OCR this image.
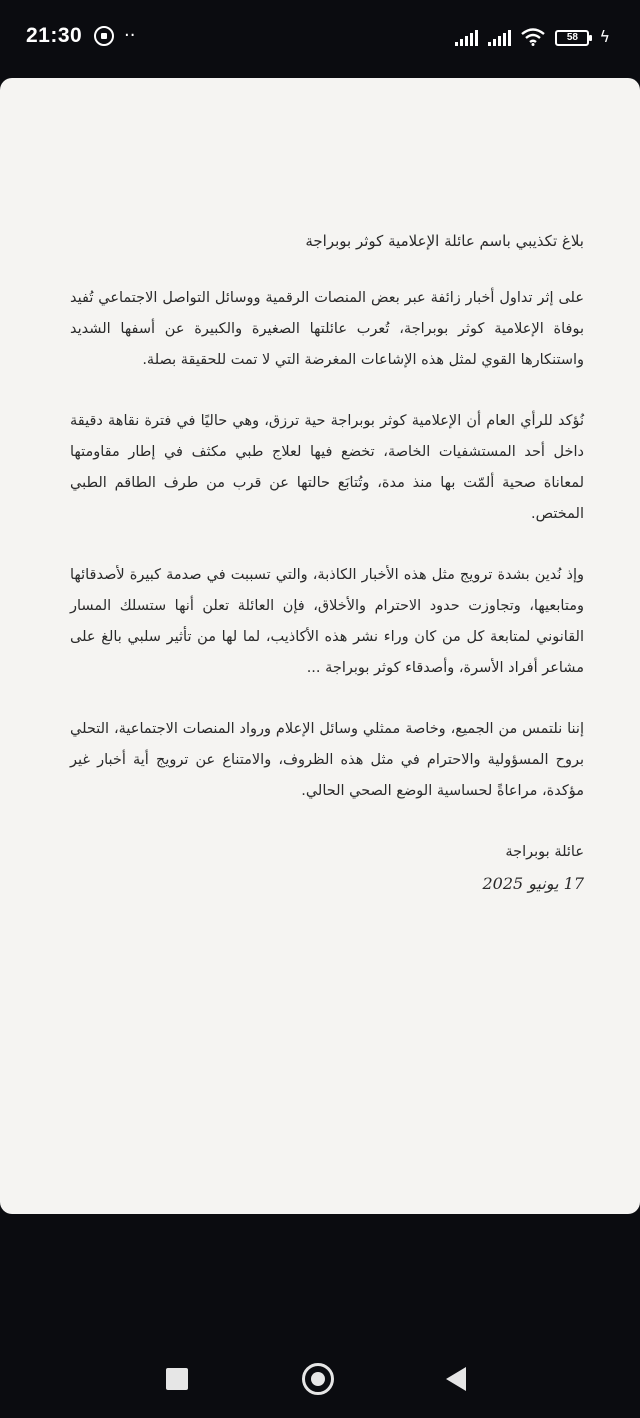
21:30 ··	58	ϟ

بلاغ تكذيبي باسم عائلة الإعلامية كوثر بوبراجة

على إثر تداول أخبار زائفة عبر بعض المنصات الرقمية ووسائل التواصل الاجتماعي تُفيد بوفاة الإعلامية كوثر بوبراجة، تُعرب عائلتها الصغيرة والكبيرة عن أسفها الشديد واستنكارها القوي لمثل هذه الإشاعات المغرضة التي لا تمت للحقيقة بصلة.

نُؤكد للرأي العام أن الإعلامية كوثر بوبراجة حية ترزق، وهي حاليًا في فترة نقاهة دقيقة داخل أحد المستشفيات الخاصة، تخضع فيها لعلاج طبي مكثف في إطار مقاومتها لمعاناة صحية ألمّت بها منذ مدة، وتُتابَع حالتها عن قرب من طرف الطاقم الطبي المختص.

وإذ نُدين بشدة ترويج مثل هذه الأخبار الكاذبة، والتي تسببت في صدمة كبيرة لأصدقائها ومتابعيها، وتجاوزت حدود الاحترام والأخلاق، فإن العائلة تعلن أنها ستسلك المسار القانوني لمتابعة كل من كان وراء نشر هذه الأكاذيب، لما لها من تأثير سلبي بالغ على مشاعر أفراد الأسرة، وأصدقاء كوثر بوبراجة ...

إننا نلتمس من الجميع، وخاصة ممثلي وسائل الإعلام ورواد المنصات الاجتماعية، التحلي بروح المسؤولية والاحترام في مثل هذه الظروف، والامتناع عن ترويج أية أخبار غير مؤكدة، مراعاةً لحساسية الوضع الصحي الحالي.

عائلة بوبراجة

17 يونيو 2025
